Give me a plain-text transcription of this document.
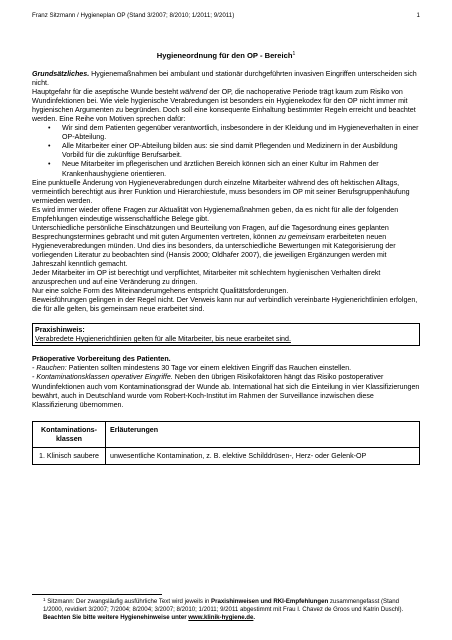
Franz Sitzmann / Hygieneplan OP (Stand 3/2007; 8/2010; 1/2011; 9/2011)	1
Hygieneordnung für den OP - Bereich$^1$

Grundsätzliches. Hygienemaßnahmen bei ambulant und stationär durchgeführten invasiven Eingriffen unterscheiden sich nicht.

Hauptgefahr für die aseptische Wunde besteht während der OP, die nachoperative Periode trägt kaum zum Risiko von Wundinfektionen bei. Wie viele hygienische Verabredungen ist besonders ein Hygienekodex für den OP nicht immer mit hygienischen Argumenten zu begründen. Doch soll eine konsequente Einhaltung bestimmter Regeln erreicht und beachtet werden. Eine Reihe von Motiven sprechen dafür:

• Wir sind dem Patienten gegenüber verantwortlich, insbesondere in der Kleidung und im Hygieneverhalten in einer OP-Abteilung.
• Alle Mitarbeiter einer OP-Abteilung bilden aus: sie sind damit Pflegenden und Medizinern in der Ausbildung Vorbild für die zukünftige Berufsarbeit.
• Neue Mitarbeiter im pflegerischen und ärztlichen Bereich können sich an einer Kultur im Rahmen der Krankenhaushygiene orientieren.

Eine punktuelle Änderung von Hygieneverabredungen durch einzelne Mitarbeiter während des oft hektischen Alltags, vermeintlich berechtigt aus ihrer Funktion und Hierarchiestufe, muss besonders im OP mit seiner Berufsgruppenhäufung vermieden werden.

Es wird immer wieder offene Fragen zur Aktualität von Hygienemaßnahmen geben, da es nicht für alle der folgenden Empfehlungen eindeutige wissenschaftliche Belege gibt.

Unterschiedliche persönliche Einschätzungen und Beurteilung von Fragen, auf die Tagesordnung eines geplanten Besprechungstermines gebracht und mit guten Argumenten vertreten, können zu gemeinsam erarbeiteten neuen Hygieneverabredungen münden. Und dies ins besonders, da unterschiedliche Bewertungen mit Kategorisierung der vorliegenden Literatur zu beobachten sind (Hansis 2000; Oldhafer 2007), die jeweiligen Ergänzungen werden mit Jahreszahl kenntlich gemacht.

Jeder Mitarbeiter im OP ist berechtigt und verpflichtet, Mitarbeiter mit schlechtem hygienischen Verhalten direkt anzusprechen und auf eine Veränderung zu dringen.

Nur eine solche Form des Miteinanderumgehens entspricht Qualitätsforderungen.

Beweisführungen gelingen in der Regel nicht. Der Verweis kann nur auf verbindlich vereinbarte Hygienerichtlinien erfolgen, die für alle gelten, bis gemeinsam neue erarbeitet sind.

Praxishinweis:
Verabredete Hygienerichtlinien gelten für alle Mitarbeiter, bis neue erarbeitet sind.

Präoperative Vorbereitung des Patienten.

- Rauchen: Patienten sollten mindestens 30 Tage vor einem elektiven Eingriff das Rauchen einstellen.

- Kontaminationsklassen operativer Eingriffe. Neben den übrigen Risikofaktoren hängt das Risiko postoperativer Wundinfektionen auch vom Kontaminationsgrad der Wunde ab. International hat sich die Einteilung in vier Klassifizierungen bewährt, auch in Deutschland wurde vom Robert-Koch-Institut im Rahmen der Surveillance inzwischen diese Klassifizierung übernommen.

Kontaminations-klassen	Erläuterungen
1. Klinisch saubere	unwesentliche Kontamination, z. B. elektive Schilddrüsen-, Herz- oder Gelenk-OP
$^1$ Sitzmann: Der zwangsläufig ausführliche Text wird jeweils in Praxishinweisen und RKI-Empfehlungen zusammengefasst (Stand 1/2000, revidiert 3/2007; 7/2004; 8/2004; 3/2007; 8/2010; 1/2011; 9/2011 abgestimmt mit Frau I. Chavez de Groos und Katrin Duschl). Beachten Sie bitte weitere Hygienehinweise unter www.klinik-hygiene.de.
